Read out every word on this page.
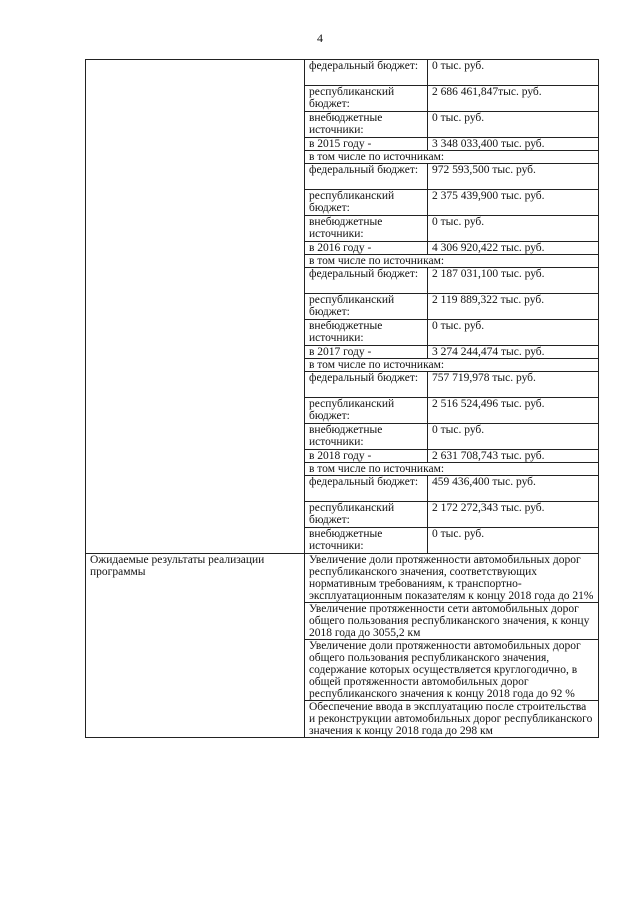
4
	федеральный бюджет:	0 тыс. руб.
	республиканский бюджет:	2 686 461,847тыс. руб.
	внебюджетные источники:	0 тыс. руб.
	в 2015 году -	3 348 033,400 тыс. руб.
	в том числе по источникам:	
	федеральный бюджет:	972 593,500 тыс. руб.
	республиканский бюджет:	2 375 439,900 тыс. руб.
	внебюджетные источники:	0 тыс. руб.
	в 2016 году -	4 306 920,422 тыс. руб.
	в том числе по источникам:	
	федеральный бюджет:	2 187 031,100 тыс. руб.
	республиканский бюджет:	2 119 889,322 тыс. руб.
	внебюджетные источники:	0 тыс. руб.
	в 2017 году -	3 274 244,474 тыс. руб.
	в том числе по источникам:	
	федеральный бюджет:	757 719,978 тыс. руб.
	республиканский бюджет:	2 516 524,496 тыс. руб.
	внебюджетные источники:	0 тыс. руб.
	в 2018 году -	2 631 708,743 тыс. руб.
	в том числе по источникам:	
	федеральный бюджет:	459 436,400 тыс. руб.
	республиканский бюджет:	2 172 272,343 тыс. руб.
	внебюджетные источники:	0 тыс. руб.
Ожидаемые результаты реализации программы	Увеличение доли протяженности автомобильных дорог республиканского значения, соответствующих нормативным требованиям, к транспортно-эксплуатационным показателям к концу 2018 года до 21%	
	Увеличение протяженности сети автомобильных дорог общего пользования республиканского значения, к концу 2018 года до 3055,2 км	
	Увеличение доли протяженности автомобильных дорог общего пользования республиканского значения, содержание которых осуществляется круглогодично, в общей протяженности автомобильных дорог республиканского значения к концу 2018 года до 92 %	
	Обеспечение ввода в эксплуатацию после строительства и реконструкции автомобильных дорог республиканского значения к концу 2018 года до 298 км	
